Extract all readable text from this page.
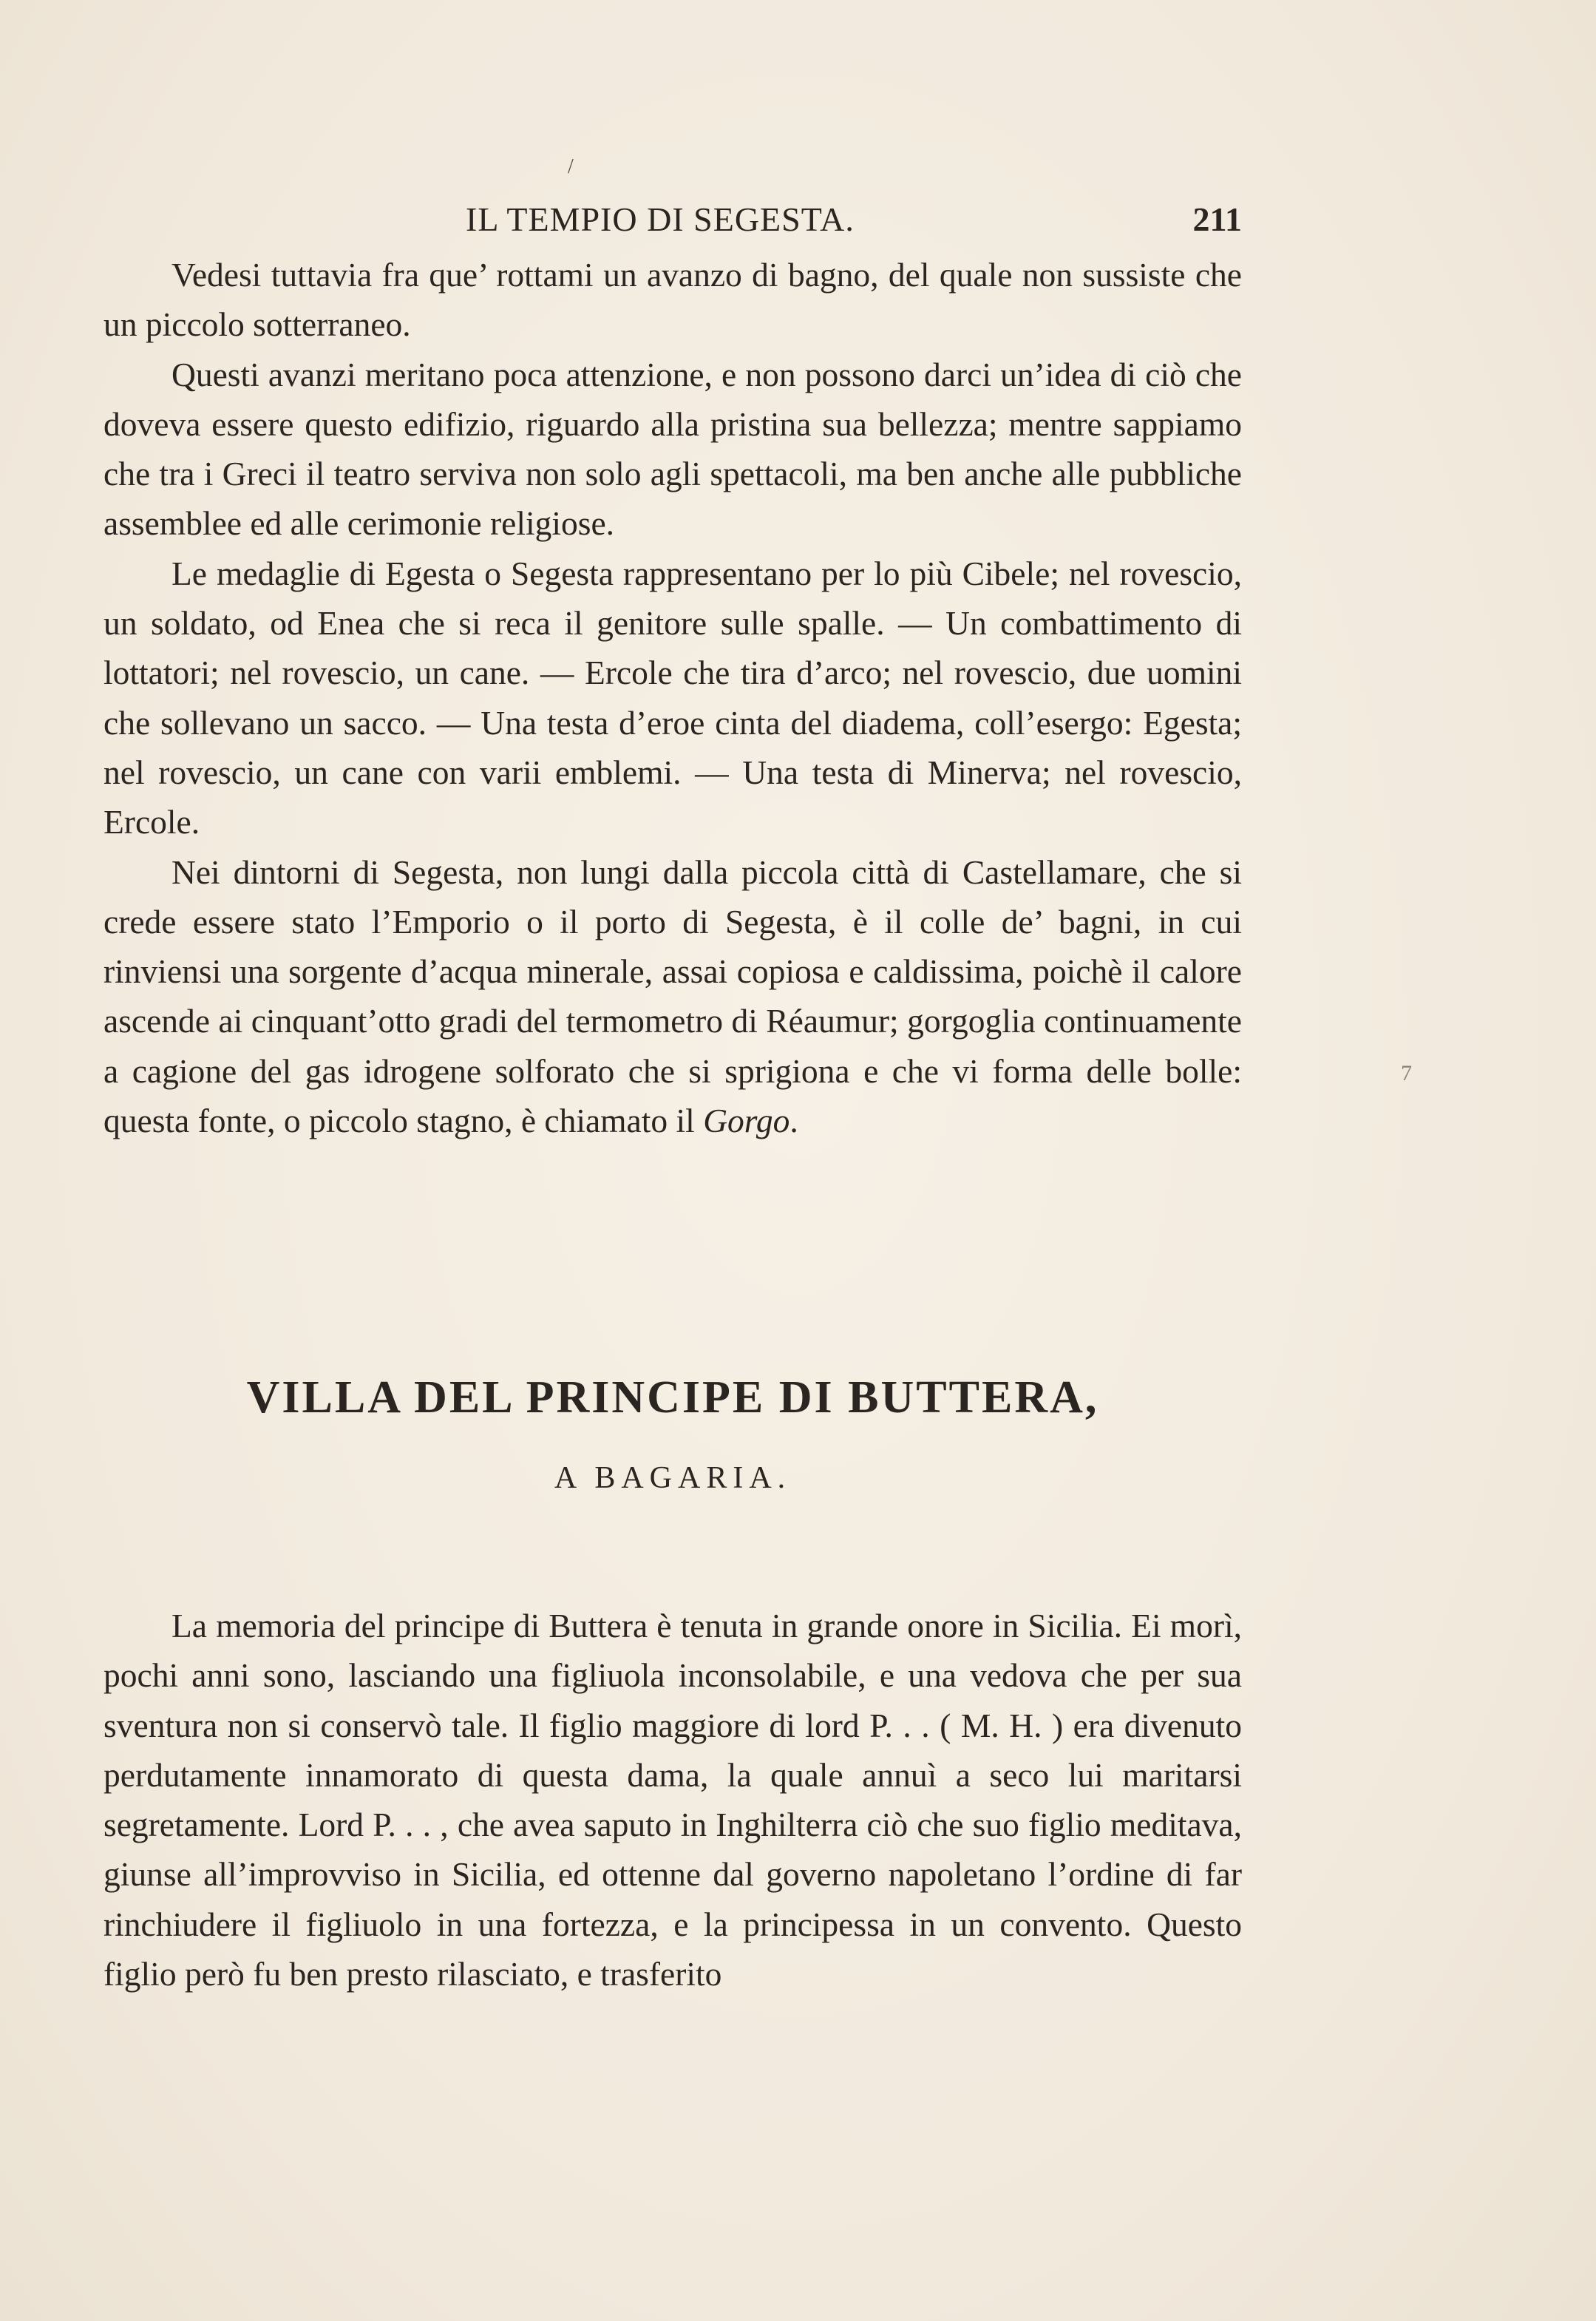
/
IL TEMPIO DI SEGESTA.	211

Vedesi tuttavia fra que’ rottami un avanzo di bagno, del quale non sussiste che un piccolo sotterraneo.

Questi avanzi meritano poca attenzione, e non possono darci un’idea di ciò che doveva essere questo edifizio, riguardo alla pristina sua bellezza; mentre sappiamo che tra i Greci il teatro serviva non solo agli spettacoli, ma ben anche alle pubbliche assemblee ed alle cerimonie religiose.

Le medaglie di Egesta o Segesta rappresentano per lo più Cibele; nel rovescio, un soldato, od Enea che si reca il genitore sulle spalle. — Un combattimento di lottatori; nel rovescio, un cane. — Ercole che tira d’arco; nel rovescio, due uomini che sollevano un sacco. — Una testa d’eroe cinta del diadema, coll’esergo: Egesta; nel rovescio, un cane con varii emblemi. — Una testa di Minerva; nel rovescio, Ercole.

Nei dintorni di Segesta, non lungi dalla piccola città di Castellamare, che si crede essere stato l’Emporio o il porto di Segesta, è il colle de’ bagni, in cui rinviensi una sorgente d’acqua minerale, assai copiosa e caldissima, poichè il calore ascende ai cinquant’otto gradi del termometro di Réaumur; gorgoglia continuamente a cagione del gas idrogene solforato che si sprigiona e che vi forma delle bolle: questa fonte, o piccolo stagno, è chiamato il Gorgo.

7
VILLA DEL PRINCIPE DI BUTTERA,
A BAGARIA.

La memoria del principe di Buttera è tenuta in grande onore in Sicilia. Ei morì, pochi anni sono, lasciando una figliuola inconsolabile, e una vedova che per sua sventura non si conservò tale. Il figlio maggiore di lord P. . . ( M. H. ) era divenuto perdutamente innamorato di questa dama, la quale annuì a seco lui maritarsi segretamente. Lord P. . . , che avea saputo in Inghilterra ciò che suo figlio meditava, giunse all’improvviso in Sicilia, ed ottenne dal governo napoletano l’ordine di far rinchiudere il figliuolo in una fortezza, e la principessa in un convento. Questo figlio però fu ben presto rilasciato, e trasferito
